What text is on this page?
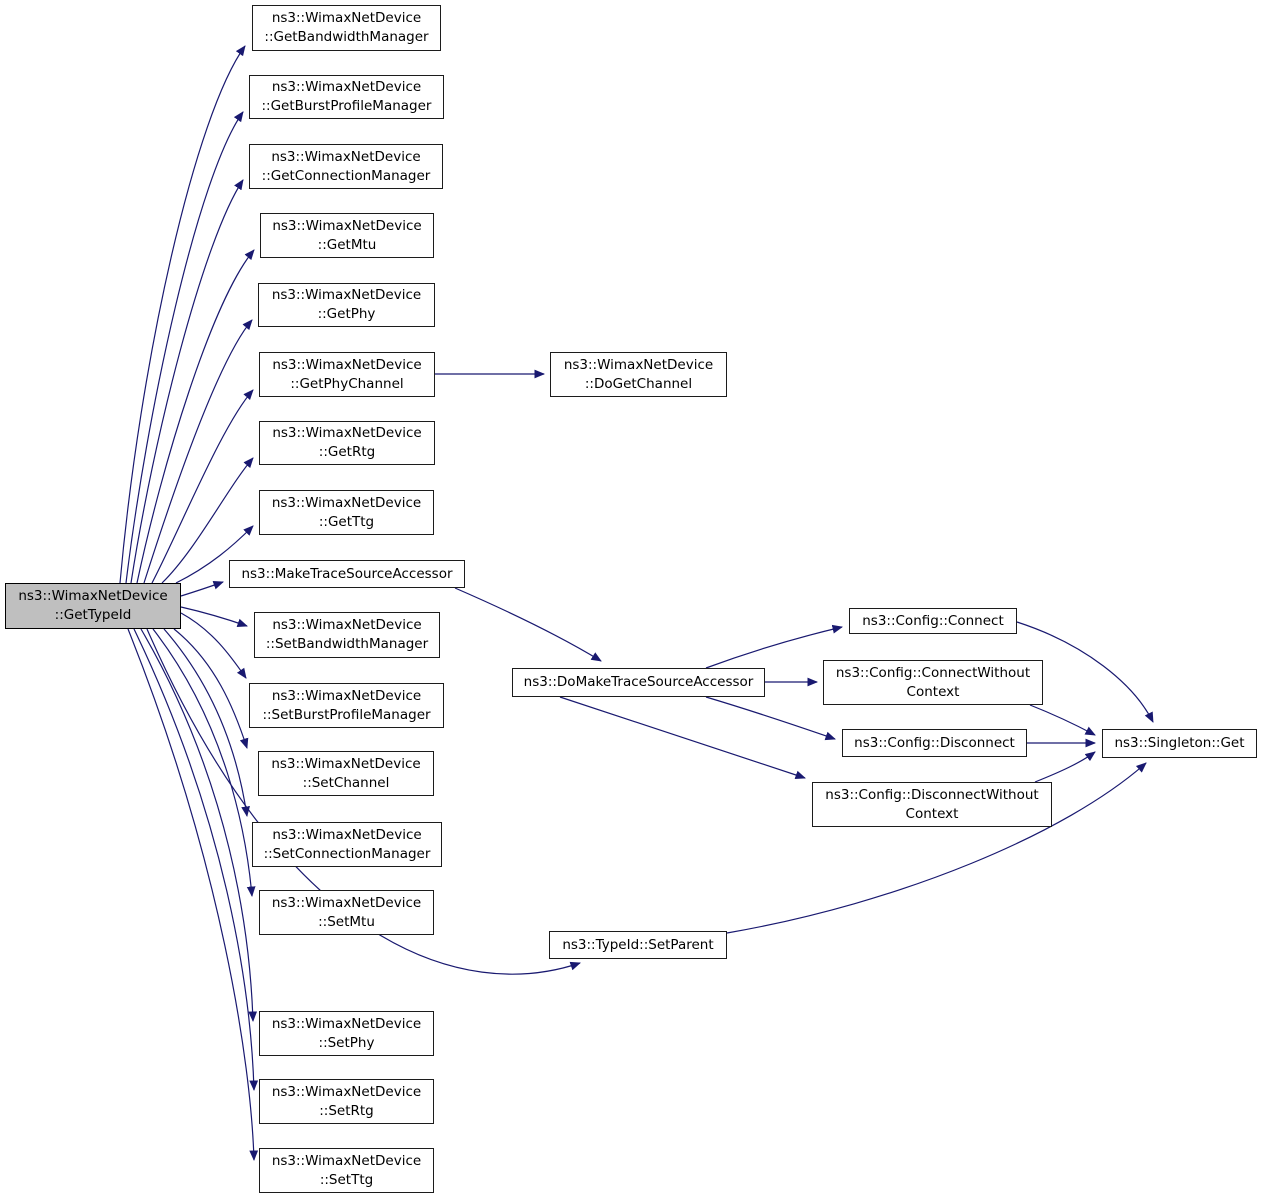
ns3::WimaxNetDevice
::GetTypeId
ns3::WimaxNetDevice
::GetBandwidthManager
ns3::WimaxNetDevice
::GetBurstProfileManager
ns3::WimaxNetDevice
::GetConnectionManager
ns3::WimaxNetDevice
::GetMtu
ns3::WimaxNetDevice
::GetPhy
ns3::WimaxNetDevice
::GetPhyChannel
ns3::WimaxNetDevice
::GetRtg
ns3::WimaxNetDevice
::GetTtg
ns3::MakeTraceSourceAccessor
ns3::WimaxNetDevice
::SetBandwidthManager
ns3::WimaxNetDevice
::SetBurstProfileManager
ns3::WimaxNetDevice
::SetChannel
ns3::WimaxNetDevice
::SetConnectionManager
ns3::WimaxNetDevice
::SetMtu
ns3::WimaxNetDevice
::SetPhy
ns3::WimaxNetDevice
::SetRtg
ns3::WimaxNetDevice
::SetTtg
ns3::WimaxNetDevice
::DoGetChannel
ns3::DoMakeTraceSourceAccessor
ns3::TypeId::SetParent
ns3::Config::Connect
ns3::Config::ConnectWithout
Context
ns3::Config::Disconnect
ns3::Config::DisconnectWithout
Context
ns3::Singleton::Get
